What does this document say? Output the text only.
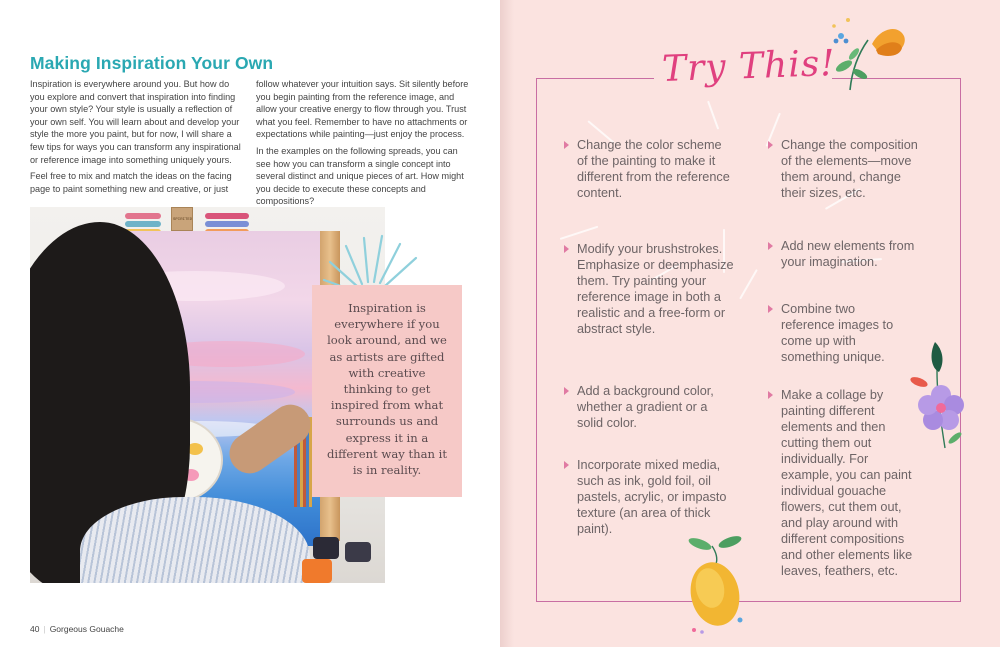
Making Inspiration Your Own

Inspiration is everywhere around you. But how do you explore and convert that inspiration into finding your own style? Your style is usually a reflection of your own self. You will learn about and develop your style the more you paint, but for now, I will share a few tips for ways you can transform any inspirational or reference image into something uniquely yours.

Feel free to mix and match the ideas on the facing page to paint something new and creative, or just

follow whatever your intuition says. Sit silently before you begin painting from the reference image, and allow your creative energy to flow through you. Trust what you feel. Remember to have no attachments or expectations while painting—just enjoy the process.

In the examples on the following spreads, you can see how you can transform a single concept into several distinct and unique pieces of art. How might you decide to execute these concepts and compositions?

SPIRITED
Inspiration is everywhere if you look around, and we as artists are gifted with creative thinking to get inspired from what surrounds us and express it in a different way than it is in reality.
40 | Gorgeous Gouache
Try This!
Change the color scheme of the painting to make it different from the reference content.
Modify your brushstrokes. Emphasize or deemphasize them. Try painting your reference image in both a realistic and a free-form or abstract style.
Add a background color, whether a gradient or a solid color.
Incorporate mixed media, such as ink, gold foil, oil pastels, acrylic, or impasto texture (an area of thick paint).
Change the composition of the elements—move them around, change their sizes, etc.
Add new elements from your imagination.
Combine two reference images to come up with something unique.
Make a collage by painting different elements and then cutting them out individually. For example, you can paint individual gouache flowers, cut them out, and play around with different compositions and other elements like leaves, feathers, etc.
